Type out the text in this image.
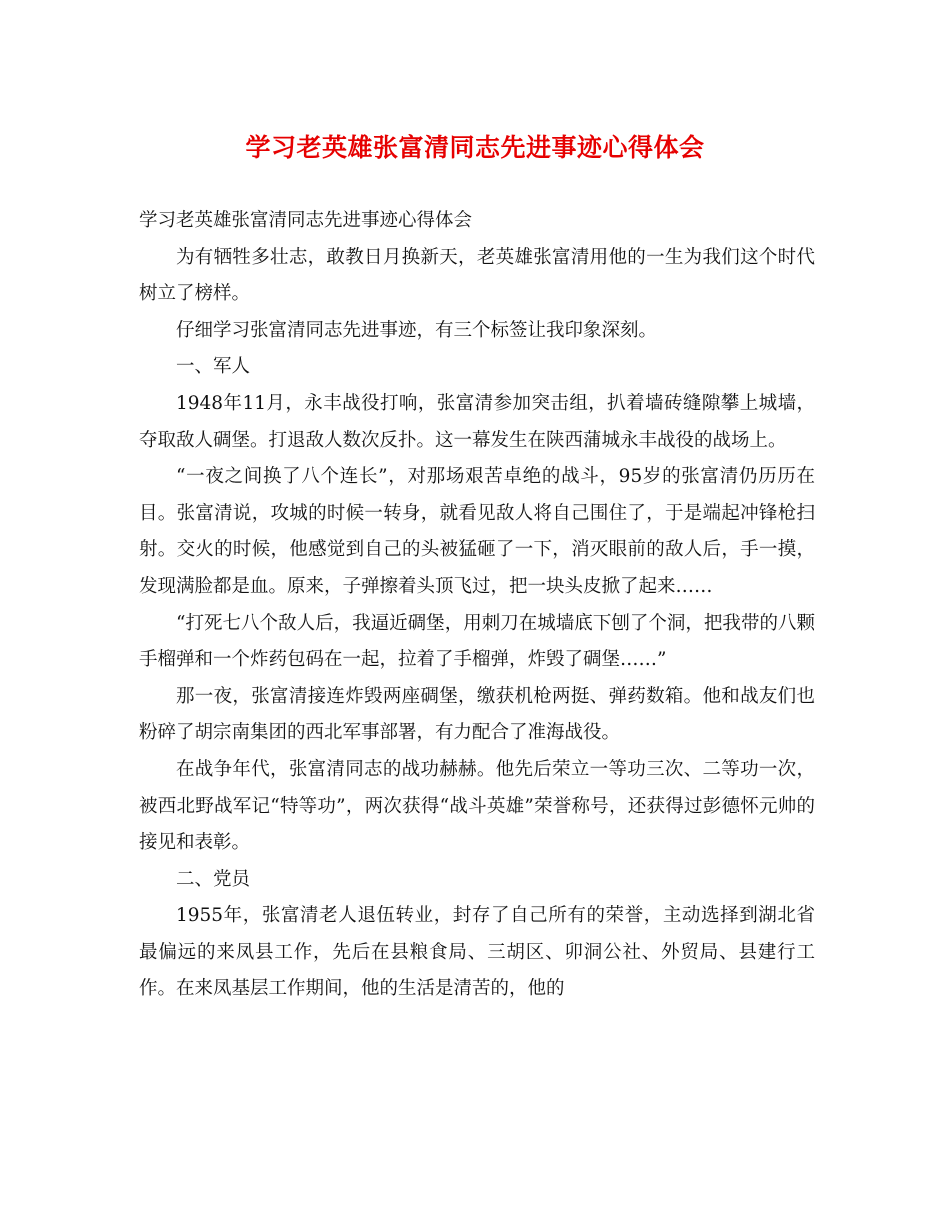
学习老英雄张富清同志先进事迹心得体会

学习老英雄张富清同志先进事迹心得体会

为有牺牲多壮志，敢教日月换新天，老英雄张富清用他的一生为我们这个时代树立了榜样。

仔细学习张富清同志先进事迹，有三个标签让我印象深刻。

一、军人

1948年11月，永丰战役打响，张富清参加突击组，扒着墙砖缝隙攀上城墙，夺取敌人碉堡。打退敌人数次反扑。这一幕发生在陕西蒲城永丰战役的战场上。

“一夜之间换了八个连长”，对那场艰苦卓绝的战斗，95岁的张富清仍历历在目。张富清说，攻城的时候一转身，就看见敌人将自己围住了，于是端起冲锋枪扫射。交火的时候，他感觉到自己的头被猛砸了一下，消灭眼前的敌人后，手一摸，发现满脸都是血。原来，子弹擦着头顶飞过，把一块头皮掀了起来……

“打死七八个敌人后，我逼近碉堡，用刺刀在城墙底下刨了个洞，把我带的八颗手榴弹和一个炸药包码在一起，拉着了手榴弹，炸毁了碉堡……”

那一夜，张富清接连炸毁两座碉堡，缴获机枪两挺、弹药数箱。他和战友们也粉碎了胡宗南集团的西北军事部署，有力配合了准海战役。

在战争年代，张富清同志的战功赫赫。他先后荣立一等功三次、二等功一次，被西北野战军记“特等功”，两次获得“战斗英雄”荣誉称号，还获得过彭德怀元帅的接见和表彰。

二、党员

1955年，张富清老人退伍转业，封存了自己所有的荣誉，主动选择到湖北省最偏远的来凤县工作，先后在县粮食局、三胡区、卯洞公社、外贸局、县建行工作。在来凤基层工作期间，他的生活是清苦的，他的
